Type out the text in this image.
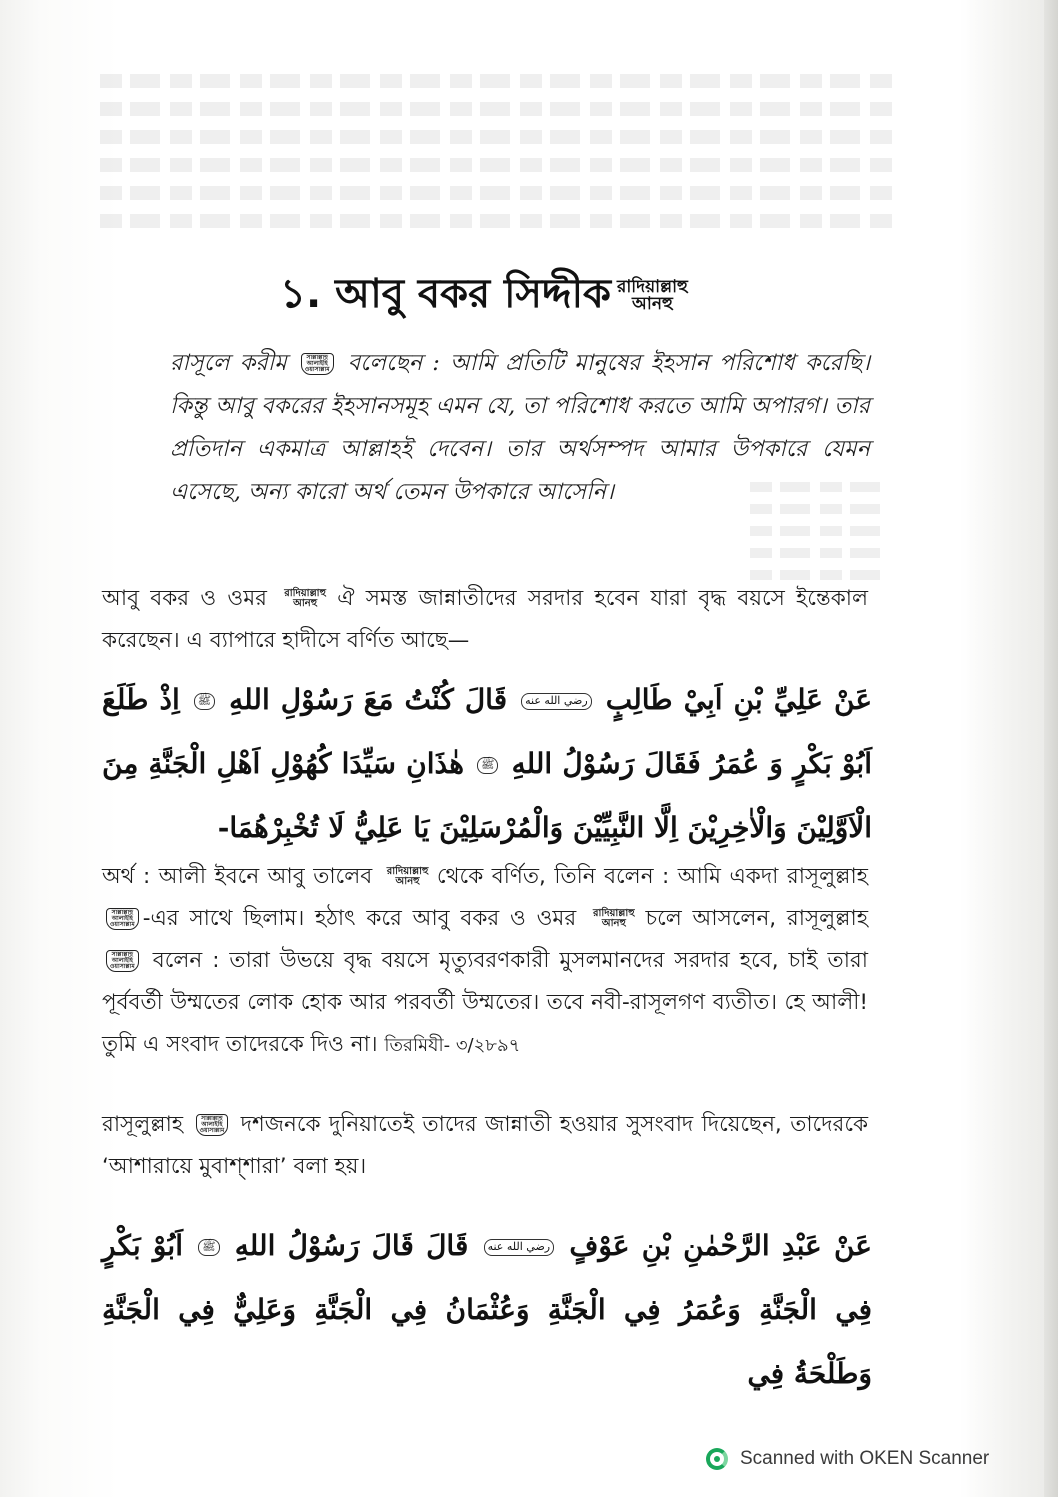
১. আবু বকর সিদ্দীক রাদিয়াল্লাহু
আনহু
রাসূলে করীম	সাল্লাল্লাহু
আলাইহি
ওয়াসাল্লাম বলেছেন : আমি প্রতিটি মানুষের ইহসান পরিশোধ করেছি। কিন্তু আবু বকরের ইহসানসমূহ এমন যে, তা পরিশোধ করতে আমি অপারগ। তার প্রতিদান একমাত্র আল্লাহই দেবেন। তার অর্থসম্পদ আমার উপকারে যেমন এসেছে, অন্য কারো অর্থ তেমন উপকারে আসেনি।
আবু বকর ও ওমর রাদিয়াল্লাহু
আনহু ঐ সমস্ত জান্নাতীদের সরদার হবেন যারা বৃদ্ধ বয়সে ইন্তেকাল করেছেন। এ ব্যাপারে হাদীসে বর্ণিত আছে—
عَنْ عَلِيِّ بْنِ اَبِيْ طَالِبٍ رضي الله عنه قَالَ كُنْتُ مَعَ رَسُوْلِ اللهِ ﷺ اِذْ طَلَعَ اَبُوْ بَكْرٍ وَ عُمَرُ فَقَالَ رَسُوْلُ اللهِ ﷺ هٰذَانِ سَيِّدَا كُهُوْلِ اَهْلِ الْجَنَّةِ مِنَ الْاَوَّلِيْنَ وَالْاٰخِرِيْنَ اِلَّا النَّبِيِّيْنَ وَالْمُرْسَلِيْنَ يَا عَلِيُّ لَا تُخْبِرْهُمَا-
অর্থ : আলী ইবনে আবু তালেব রাদিয়াল্লাহু
আনহু থেকে বর্ণিত, তিনি বলেন : আমি একদা রাসূলুল্লাহ
সাল্লাল্লাহু
আলাইহি
ওয়াসাল্লাম -এর সাথে ছিলাম। হঠাৎ করে আবু বকর ও ওমর রাদিয়াল্লাহু
আনহু চলে আসলেন, রাসূলুল্লাহ
সাল্লাল্লাহু
আলাইহি
ওয়াসাল্লাম বলেন : তারা উভয়ে বৃদ্ধ বয়সে মৃত্যুবরণকারী মুসলমানদের সরদার হবে, চাই তারা পূর্ববর্তী উম্মতের লোক হোক আর পরবর্তী উম্মতের। তবে নবী-রাসূলগণ ব্যতীত। হে আলী! তুমি এ সংবাদ তাদেরকে দিও না। তিরমিযী- ৩/২৮৯৭
রাসূলুল্লাহ	সাল্লাল্লাহু
আলাইহি
ওয়াসাল্লাম দশজনকে দুনিয়াতেই তাদের জান্নাতী হওয়ার সুসংবাদ দিয়েছেন, তাদেরকে ‘আশারায়ে মুবাশ্শারা’ বলা হয়।
عَنْ عَبْدِ الرَّحْمٰنِ بْنِ عَوْفٍ رضي الله عنه قَالَ قَالَ رَسُوْلُ اللهِ ﷺ اَبُوْ بَكْرٍ فِي الْجَنَّةِ وَعُمَرُ فِي الْجَنَّةِ وَعُثْمَانُ فِي الْجَنَّةِ وَعَلِيٌّ فِي الْجَنَّةِ وَطَلْحَةُ فِي
Scanned with OKEN Scanner
